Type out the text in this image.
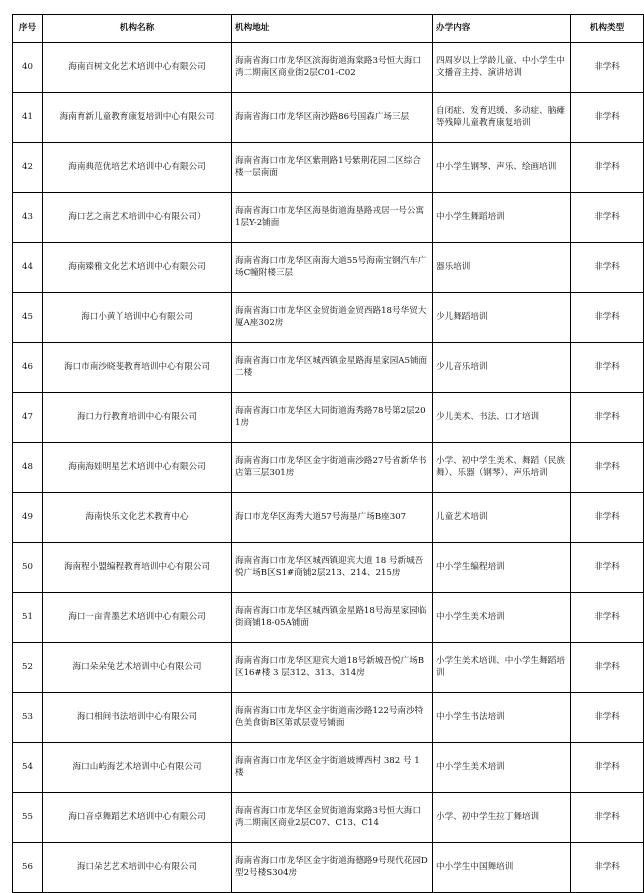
序号	机构名称	机构地址	办学内容	机构类型
40	海南百树文化艺术培训中心有限公司	海南省海口市龙华区滨海街道海棠路3号恒大海口湾二期南区商业街2层C01-C02	四周岁以上学龄儿童、中小学生中文播音主持、演讲培训	非学科
41	海南育新儿童教育康复培训中心有限公司	海南省海口市龙华区南沙路86号国森广场三层	自闭症、发育迟缓、多动症、脑瘫等残障儿童教育康复培训	非学科
42	海南典范优培艺术培训中心有限公司	海南省海口市龙华区紫荆路1号紫荆花园二区综合楼一层南面	中小学生钢琴、声乐、绘画培训	非学科
43	海口艺之南艺术培训中心有限公司）	海南省海口市龙华区海垦街道海垦路戎居一号公寓1层Y-2铺面	中小学生舞蹈培训	非学科
44	海南臻雅文化艺术培训中心有限公司	海南省海口市龙华区南海大道55号海南宝钢汽车广场C幢附楼三层	器乐培训	非学科
45	海口小黄丫培训中心有限公司	海南省海口市龙华区金贸街道金贸西路18号华贸大厦A座302房	少儿舞蹈培训	非学科
46	海口市南沙晓斐教育培训中心有限公司	海南省海口市龙华区城西镇金星路海星家园A5铺面二楼	少儿音乐培训	非学科
47	海口力行教育培训中心有限公司	海南省海口市龙华区大同街道海秀路78号第2层201房	少儿美术、书法、口才培训	非学科
48	海南海娃明星艺术培训中心有限公司	海南省海口市龙华区金宇街道南沙路27号省新华书店第三层301房	小学、初中学生美术、舞蹈（民族舞）、乐器（钢琴）、声乐培训	非学科
49	海南快乐文化艺术教育中心	海口市龙华区海秀大道57号海垦广场B座307	儿童艺术培训	非学科
50	海南程小盟编程教育培训中心有限公司	海南省海口市龙华区城西镇迎宾大道 18 号新城吾悦广场B区S1#商铺2层213、214、215房	中小学生编程培训	非学科
51	海口一亩青墨艺术培训中心有限公司	海南省海口市龙华区城西镇金星路18号海星家园临街商铺18-05A铺面	中小学生美术培训	非学科
52	海口朵朵兔艺术培训中心有限公司	海南省海口市龙华区迎宾大道18号新城吾悦广场B区16#楼 3 层312、313、314房	小学生美术培训、中小学生舞蹈培训	非学科
53	海口相间书法培训中心有限公司	海南省海口市龙华区金宇街道南沙路122号南沙特色美食街B区第贰层壹号铺面	中小学生书法培训	非学科
54	海口山屿海艺术培训中心有限公司	海南省海口市龙华区金宇街道坡博西村 382 号 1 楼	中小学生美术培训	非学科
55	海口音卓舞蹈艺术培训中心有限公司	海南省海口市龙华区金贸街道海棠路3号恒大海口湾二期南区商业2层C07、C13、C14	小学、初中学生拉丁舞培训	非学科
56	海口朵艺艺术培训中心有限公司	海南省海口市龙华区金宇街道海德路9号现代花园D型2号楼S304房	中小学生中国舞培训	非学科
